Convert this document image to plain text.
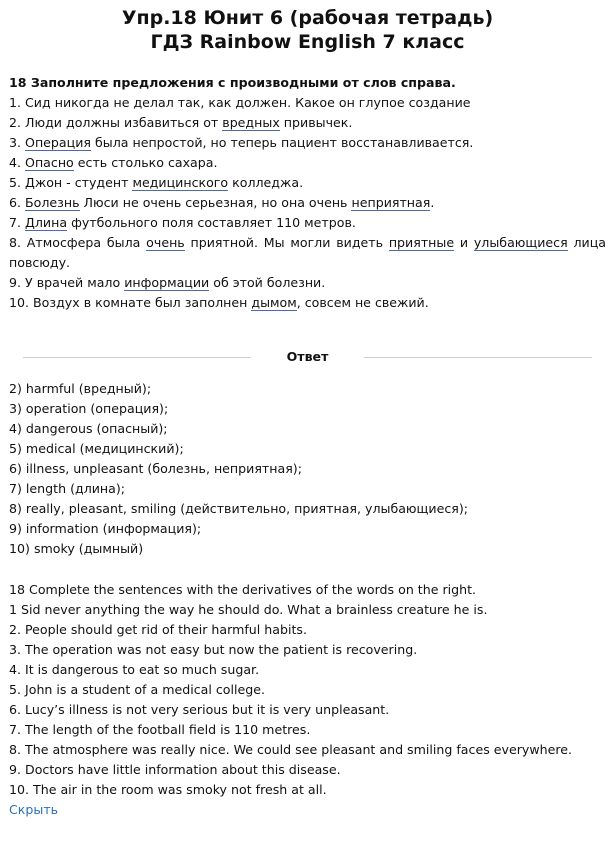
Упр.18 Юнит 6 (рабочая тетрадь)
ГДЗ Rainbow English 7 класс
18 Заполните предложения с производными от слов справа.
1. Сид никогда не делал так, как должен. Какое он глупое создание
2. Люди должны избавиться от вредных привычек.
3. Операция была непростой, но теперь пациент восстанавливается.
4. Опасно есть столько сахара.
5. Джон - студент медицинского колледжа.
6. Болезнь Люси не очень серьезная, но она очень неприятная.
7. Длина футбольного поля составляет 110 метров.
8. Атмосфера была очень приятной. Мы могли видеть приятные и улыбающиеся лица повсюду.
9. У врачей мало информации об этой болезни.
10. Воздух в комнате был заполнен дымом, совсем не свежий.
Ответ
2) harmful (вредный);
3) operation (операция);
4) dangerous (опасный);
5) medical (медицинский);
6) illness, unpleasant (болезнь, неприятная);
7) length (длина);
8) really, pleasant, smiling (действительно, приятная, улыбающиеся);
9) information (информация);
10) smoky (дымный)
18 Complete the sentences with the derivatives of the words on the right.
1 Sid never anything the way he should do. What a brainless creature he is.
2. People should get rid of their harmful habits.
3. The operation was not easy but now the patient is recovering.
4. It is dangerous to eat so much sugar.
5. John is a student of a medical college.
6. Lucy’s illness is not very serious but it is very unpleasant.
7. The length of the football field is 110 metres.
8. The atmosphere was really nice. We could see pleasant and smiling faces everywhere.
9. Doctors have little information about this disease.
10. The air in the room was smoky not fresh at all.
Скрыть
